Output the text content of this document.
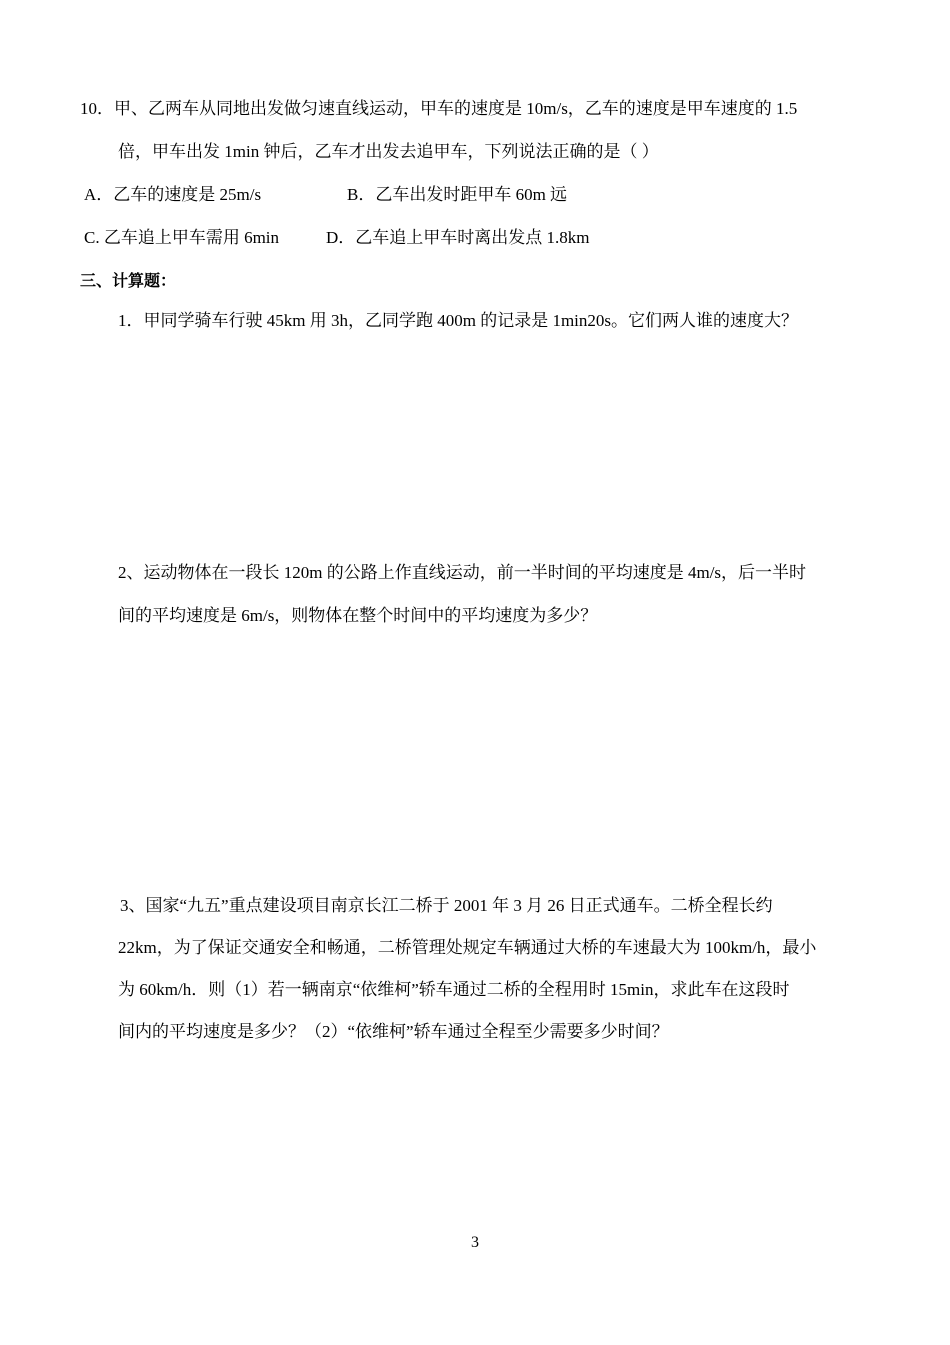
10．甲、乙两车从同地出发做匀速直线运动，甲车的速度是 10m/s，乙车的速度是甲车速度的 1.5
倍，甲车出发 1min 钟后，乙车才出发去追甲车，下列说法正确的是（ ）
A．乙车的速度是 25m/s	B．乙车出发时距甲车 60m 远
C. 乙车追上甲车需用 6min	D．乙车追上甲车时离出发点 1.8km
三、计算题：
1．甲同学骑车行驶 45km 用 3h，乙同学跑 400m 的记录是 1min20s。它们两人谁的速度大？
2、运动物体在一段长 120m 的公路上作直线运动，前一半时间的平均速度是 4m/s，后一半时
间的平均速度是 6m/s，则物体在整个时间中的平均速度为多少？
3、国家“九五”重点建设项目南京长江二桥于 2001 年 3 月 26 日正式通车。二桥全程长约
22km，为了保证交通安全和畅通，二桥管理处规定车辆通过大桥的车速最大为 100km/h，最小
为 60km/h．则（1）若一辆南京“依维柯”轿车通过二桥的全程用时 15min，求此车在这段时
间内的平均速度是多少？（2）“依维柯”轿车通过全程至少需要多少时间？
3
